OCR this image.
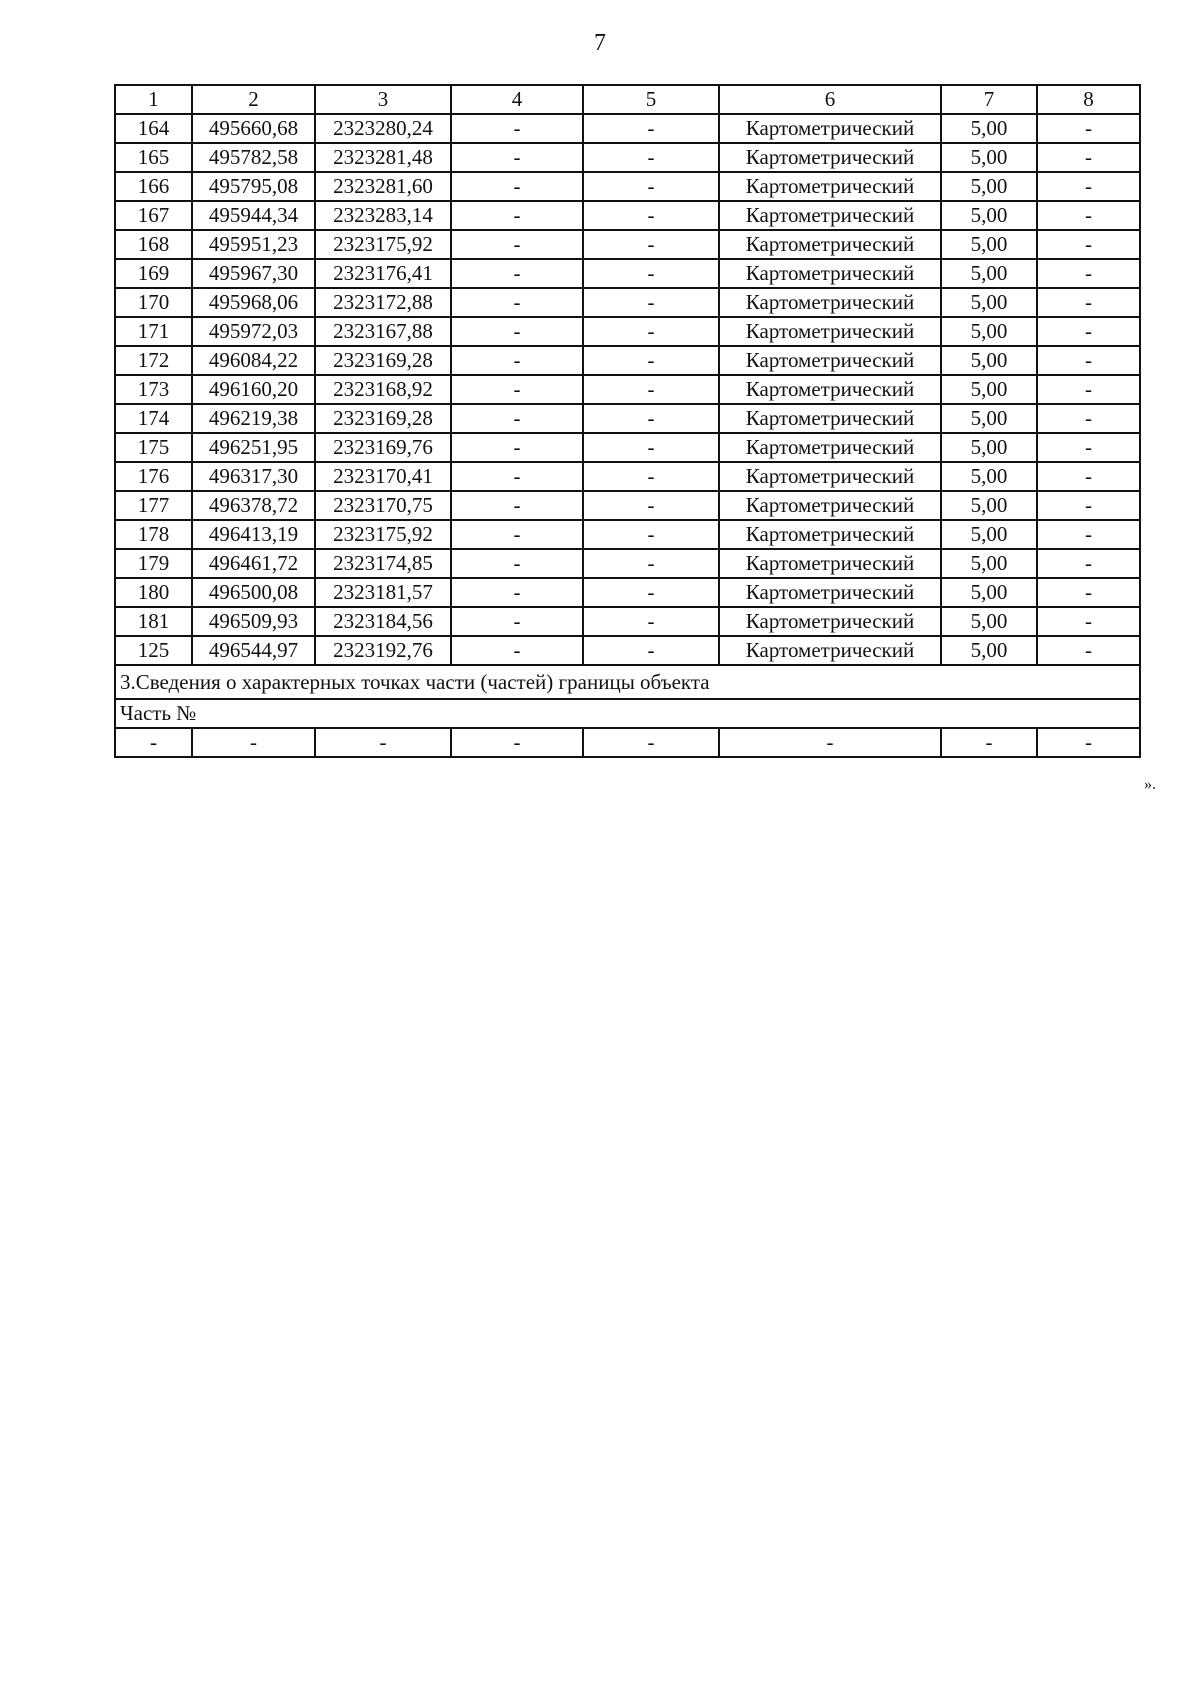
7
1	2	3	4	5	6	7	8
164	495660,68	2323280,24	-	-	Картометрический	5,00	-
165	495782,58	2323281,48	-	-	Картометрический	5,00	-
166	495795,08	2323281,60	-	-	Картометрический	5,00	-
167	495944,34	2323283,14	-	-	Картометрический	5,00	-
168	495951,23	2323175,92	-	-	Картометрический	5,00	-
169	495967,30	2323176,41	-	-	Картометрический	5,00	-
170	495968,06	2323172,88	-	-	Картометрический	5,00	-
171	495972,03	2323167,88	-	-	Картометрический	5,00	-
172	496084,22	2323169,28	-	-	Картометрический	5,00	-
173	496160,20	2323168,92	-	-	Картометрический	5,00	-
174	496219,38	2323169,28	-	-	Картометрический	5,00	-
175	496251,95	2323169,76	-	-	Картометрический	5,00	-
176	496317,30	2323170,41	-	-	Картометрический	5,00	-
177	496378,72	2323170,75	-	-	Картометрический	5,00	-
178	496413,19	2323175,92	-	-	Картометрический	5,00	-
179	496461,72	2323174,85	-	-	Картометрический	5,00	-
180	496500,08	2323181,57	-	-	Картометрический	5,00	-
181	496509,93	2323184,56	-	-	Картометрический	5,00	-
125	496544,97	2323192,76	-	-	Картометрический	5,00	-
3.Сведения о характерных точках части (частей) границы объекта							
Часть №							
-	-	-	-	-	-	-	-
».
